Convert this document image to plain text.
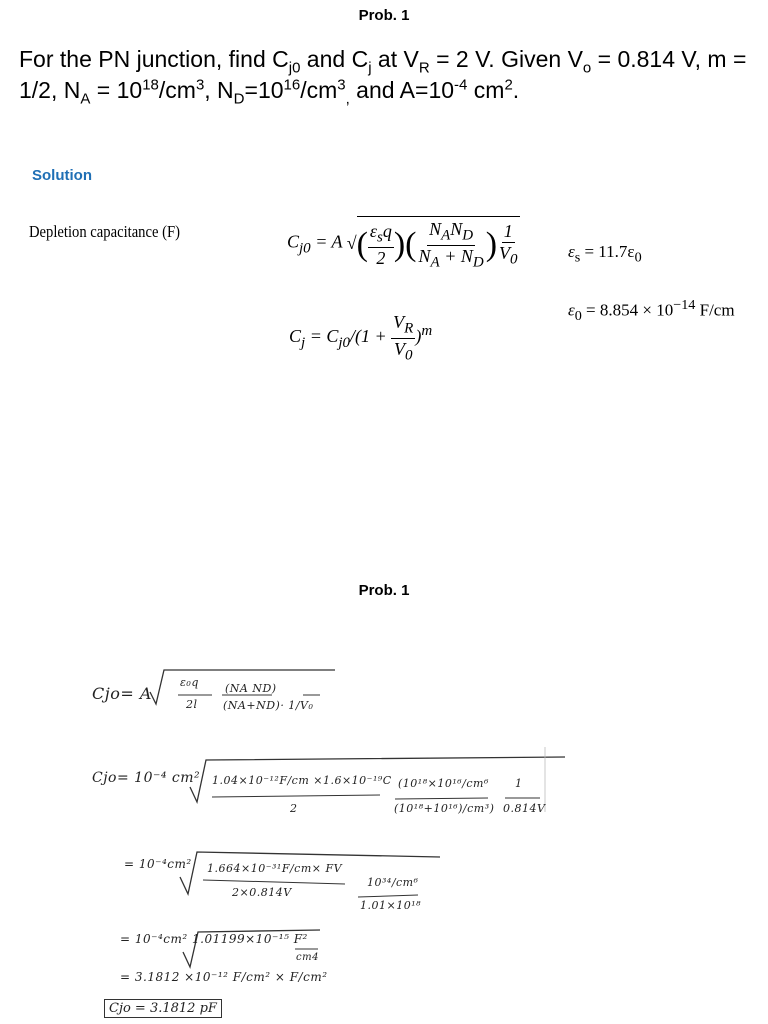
Prob. 1
For the PN junction, find $C_{j0}$ and $C_j$ at $V_R = 2$ V. Given $V_o = 0.814$ V, m = 1/2, $N_A = 10^{18}/cm^3$, $N_D=10^{16}/cm^3_,$ and $A=10^{-4}$ $cm^2$.
Solution
Depletion capacitance (F)
$C_{j0} = A$ √( $\frac{\varepsilon_sq}{2}$ )( $\frac{N_AN_D}{N_A + N_D}$ ) $\frac{1}{V_0}$
$C_j = C_{j0}/(1 + \frac{V_R}{V_0} )^m$
$\varepsilon_s = 11.7\varepsilon_0$
$\varepsilon_0 = 8.854 \times 10^{-14}$ F/cm
Prob. 1
Cjo= A
ε₀q
2l
(NA ND)
(NA+ND)· 1/V₀
Cjo= 10⁻⁴ cm² 1.04×10⁻¹²F/cm ×1.6×10⁻¹⁹C
2
(10¹⁸×10¹⁶/cm⁶
(10¹⁸+10¹⁶)/cm³)
1
0.814V
= 10⁻⁴cm² 1.664×10⁻³¹F/cm× FV
2×0.814V
10³⁴/cm⁶
1.01×10¹⁸
= 10⁻⁴cm² 1.01199×10⁻¹⁵ F²
cm4
= 3.1812 ×10⁻¹² F/cm² × F/cm²
Cjo = 3.1812 pF
